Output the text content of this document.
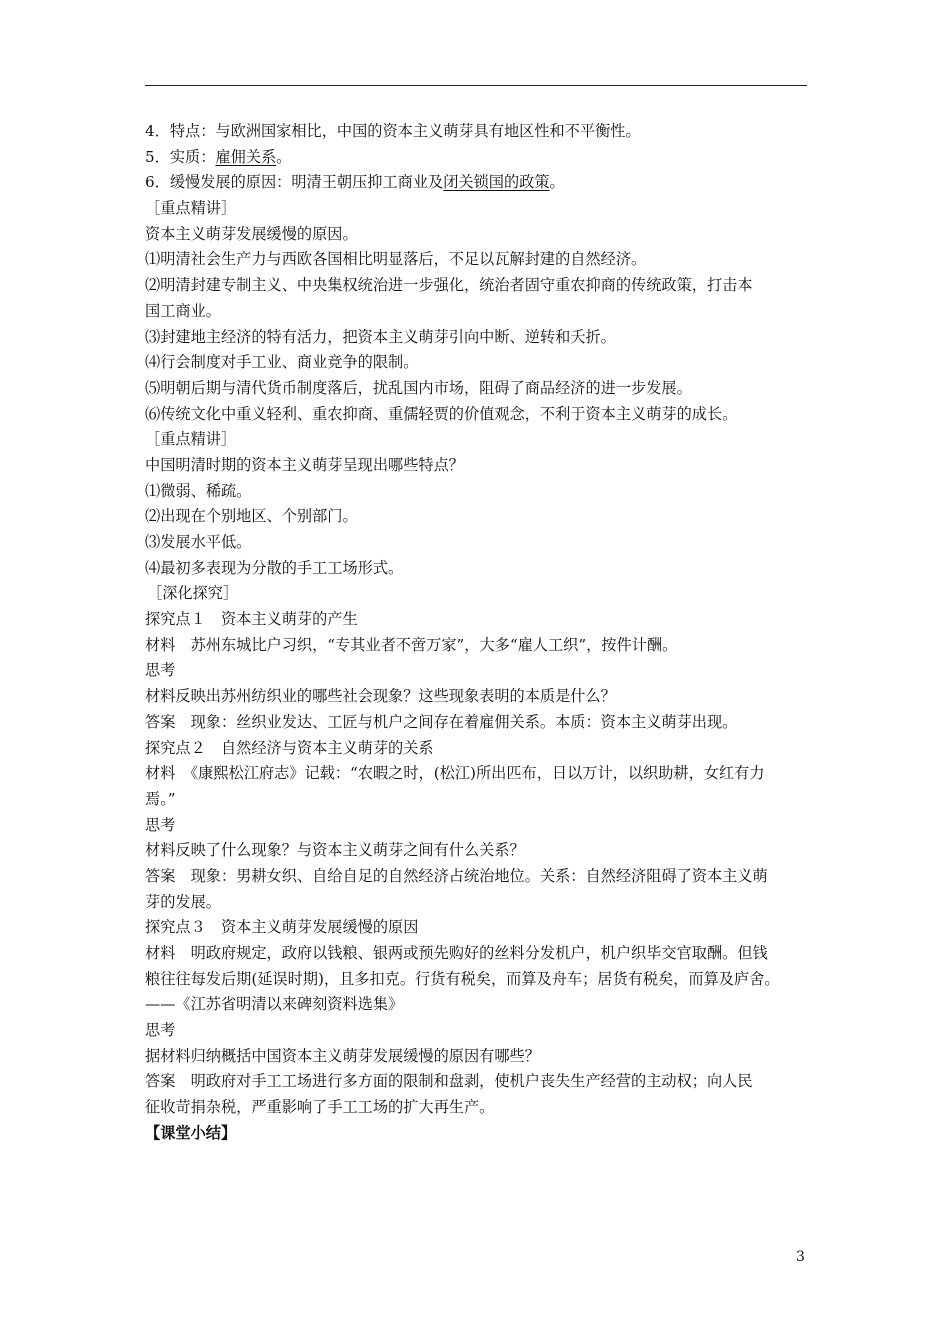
4．特点：与欧洲国家相比，中国的资本主义萌芽具有地区性和不平衡性。
5．实质：雇佣关系。
6．缓慢发展的原因：明清王朝压抑工商业及闭关锁国的政策。
［重点精讲］
资本主义萌芽发展缓慢的原因。
⑴明清社会生产力与西欧各国相比明显落后，不足以瓦解封建的自然经济。
⑵明清封建专制主义、中央集权统治进一步强化，统治者固守重农抑商的传统政策，打击本
国工商业。
⑶封建地主经济的特有活力，把资本主义萌芽引向中断、逆转和夭折。
⑷行会制度对手工业、商业竞争的限制。
⑸明朝后期与清代货币制度落后，扰乱国内市场，阻碍了商品经济的进一步发展。
⑹传统文化中重义轻利、重农抑商、重儒轻贾的价值观念，不利于资本主义萌芽的成长。
［重点精讲］
中国明清时期的资本主义萌芽呈现出哪些特点？
⑴微弱、稀疏。
⑵出现在个别地区、个别部门。
⑶发展水平低。
⑷最初多表现为分散的手工工场形式。
［深化探究］
探究点１　资本主义萌芽的产生
材料　苏州东城比户习织，“专其业者不啻万家”，大多“雇人工织”，按件计酬。
思考
材料反映出苏州纺织业的哪些社会现象？这些现象表明的本质是什么？
答案　现象：丝织业发达、工匠与机户之间存在着雇佣关系。本质：资本主义萌芽出现。
探究点２　自然经济与资本主义萌芽的关系
材料　《康熙松江府志》记载：“农暇之时，(松江)所出匹布，日以万计，以织助耕，女红有力
焉。”
思考
材料反映了什么现象？与资本主义萌芽之间有什么关系？
答案　现象：男耕女织、自给自足的自然经济占统治地位。关系：自然经济阻碍了资本主义萌
芽的发展。
探究点３　资本主义萌芽发展缓慢的原因
材料　明政府规定，政府以钱粮、银两或预先购好的丝料分发机户，机户织毕交官取酬。但钱
粮往往每发后期(延误时期)，且多扣克。行货有税矣，而算及舟车；居货有税矣，而算及庐舍。
——《江苏省明清以来碑刻资料选集》
思考
据材料归纳概括中国资本主义萌芽发展缓慢的原因有哪些？
答案　明政府对手工工场进行多方面的限制和盘剥，使机户丧失生产经营的主动权；向人民
征收苛捐杂税，严重影响了手工工场的扩大再生产。
【课堂小结】
3
